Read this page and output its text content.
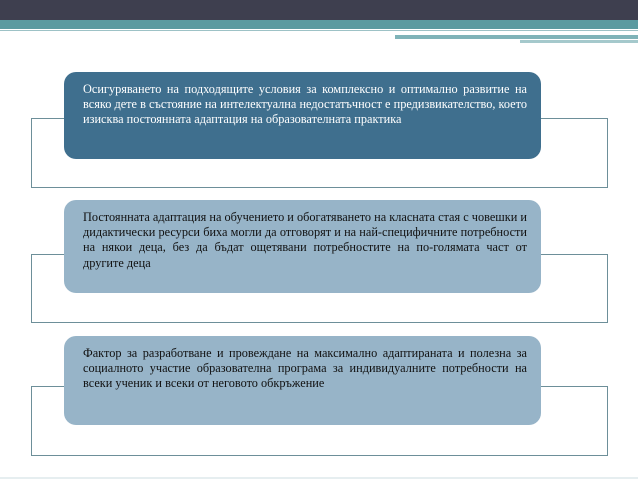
Осигуряването на подходящите условия за комплексно и оптимално развитие на всяко дете в състояние на интелектуална недостатъчност е предизвикателство, което изисква постоянната адаптация на образователната практика
Постоянната адаптация на обучението и обогатяването на класната стая с човешки и дидактически ресурси биха могли да отговорят и на най-специфичните потребности на някои деца, без да бъдат ощетявани потребностите на по-голямата част от другите деца
Фактор за разработване и провеждане на максимално адаптираната и полезна за социалното участие образователна програма за индивидуалните потребности на всеки ученик и всеки от неговото обкръжение
